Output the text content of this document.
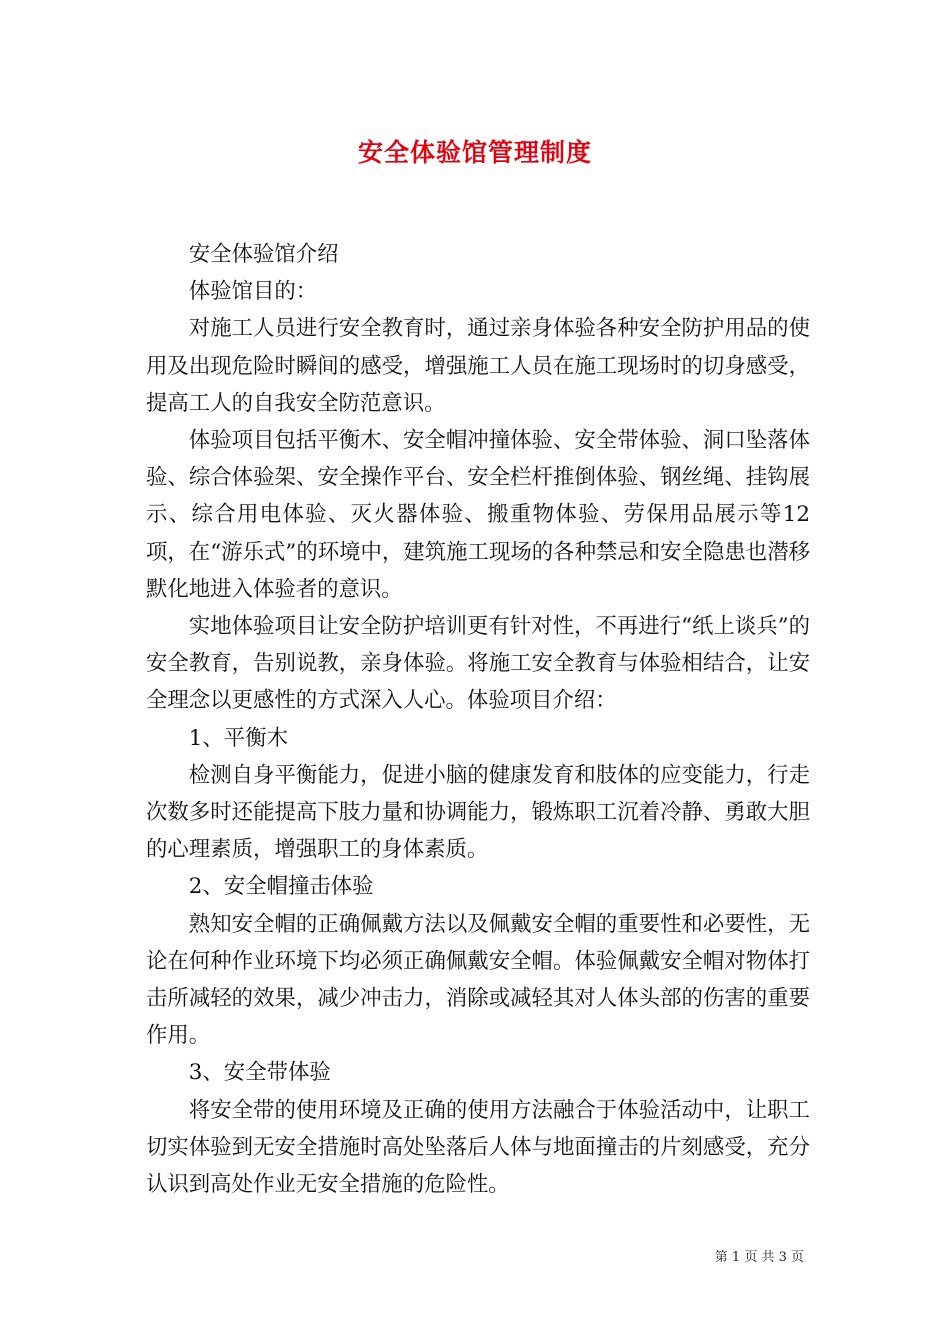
安全体验馆管理制度

安全体验馆介绍

体验馆目的：

对施工人员进行安全教育时，通过亲身体验各种安全防护用品的使用及出现危险时瞬间的感受，增强施工人员在施工现场时的切身感受，提高工人的自我安全防范意识。

体验项目包括平衡木、安全帽冲撞体验、安全带体验、洞口坠落体验、综合体验架、安全操作平台、安全栏杆推倒体验、钢丝绳、挂钩展示、综合用电体验、灭火器体验、搬重物体验、劳保用品展示等12项，在“游乐式”的环境中，建筑施工现场的各种禁忌和安全隐患也潜移默化地进入体验者的意识。

实地体验项目让安全防护培训更有针对性，不再进行“纸上谈兵”的安全教育，告别说教，亲身体验。将施工安全教育与体验相结合，让安全理念以更感性的方式深入人心。体验项目介绍：

1、平衡木

检测自身平衡能力，促进小脑的健康发育和肢体的应变能力，行走次数多时还能提高下肢力量和协调能力，锻炼职工沉着冷静、勇敢大胆的心理素质，增强职工的身体素质。

2、安全帽撞击体验

熟知安全帽的正确佩戴方法以及佩戴安全帽的重要性和必要性，无论在何种作业环境下均必须正确佩戴安全帽。体验佩戴安全帽对物体打击所减轻的效果，减少冲击力，消除或减轻其对人体头部的伤害的重要作用。

3、安全带体验

将安全带的使用环境及正确的使用方法融合于体验活动中，让职工切实体验到无安全措施时高处坠落后人体与地面撞击的片刻感受，充分认识到高处作业无安全措施的危险性。

第 1 页 共 3 页
